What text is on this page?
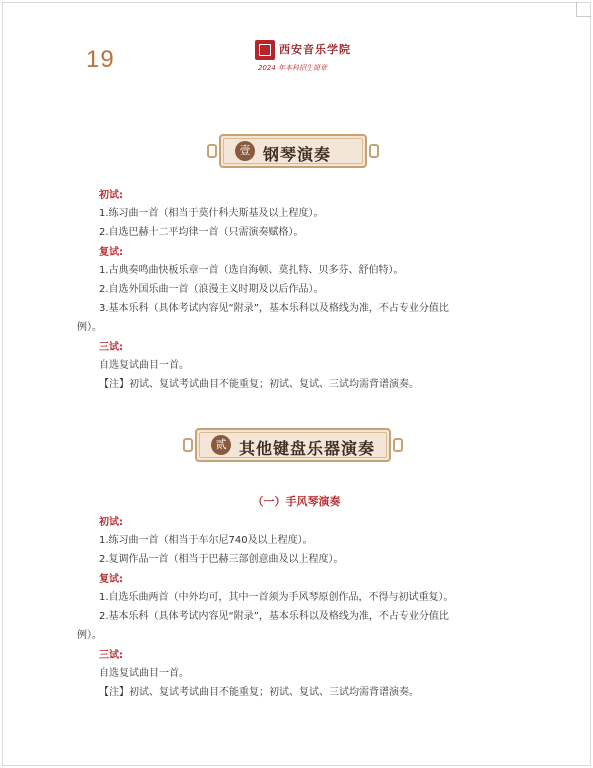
19	西安音乐学院
2024 年本科招生简章
壹 钢琴演奏
初试:
1.练习曲一首（相当于莫什科夫斯基及以上程度）。
2.自选巴赫十二平均律一首（只需演奏赋格）。
复试:
1.古典奏鸣曲快板乐章一首（选自海顿、莫扎特、贝多芬、舒伯特）。
2.自选外国乐曲一首（浪漫主义时期及以后作品）。
3.基本乐科（具体考试内容见“附录”，基本乐科以及格线为准，不占专业分值比
例）。
三试:
自选复试曲目一首。
【注】初试、复试考试曲目不能重复；初试、复试、三试均需背谱演奏。
贰 其他键盘乐器演奏
（一）手风琴演奏
初试:
1.练习曲一首（相当于车尔尼740及以上程度）。
2.复调作品一首（相当于巴赫三部创意曲及以上程度）。
复试:
1.自选乐曲两首（中外均可，其中一首须为手风琴原创作品，不得与初试重复）。
2.基本乐科（具体考试内容见“附录”，基本乐科以及格线为准，不占专业分值比
例）。
三试:
自选复试曲目一首。
【注】初试、复试考试曲目不能重复；初试、复试、三试均需背谱演奏。
